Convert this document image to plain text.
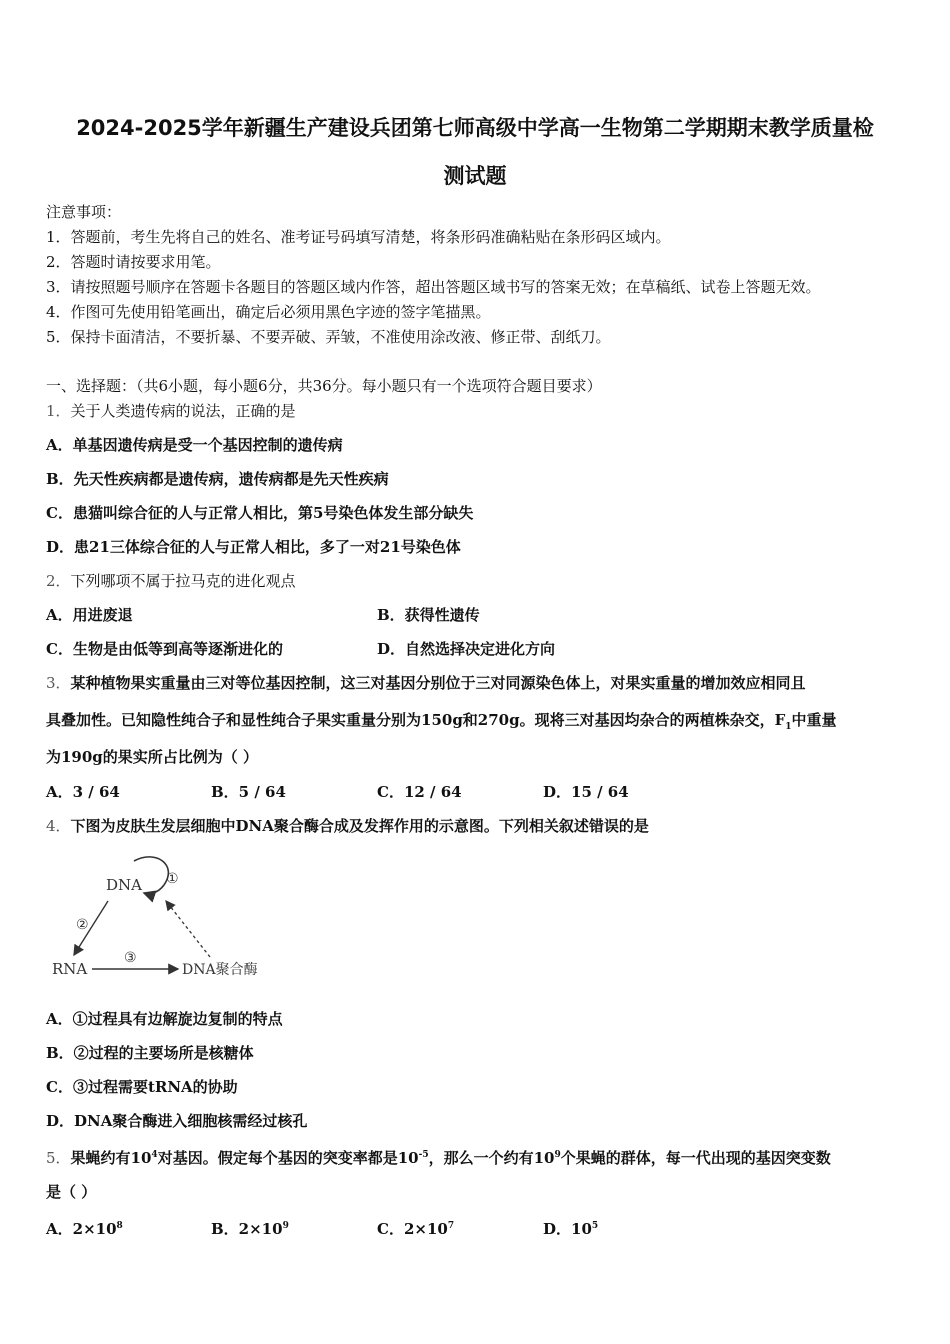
2024-2025学年新疆生产建设兵团第七师高级中学高一生物第二学期期末教学质量检
测试题
注意事项：
1．答题前，考生先将自己的姓名、准考证号码填写清楚，将条形码准确粘贴在条形码区域内。
2．答题时请按要求用笔。
3．请按照题号顺序在答题卡各题目的答题区域内作答，超出答题区域书写的答案无效；在草稿纸、试卷上答题无效。
4．作图可先使用铅笔画出，确定后必须用黑色字迹的签字笔描黑。
5．保持卡面清洁，不要折暴、不要弄破、弄皱，不准使用涂改液、修正带、刮纸刀。
一、选择题：（共6小题，每小题6分，共36分。每小题只有一个选项符合题目要求）
1．关于人类遗传病的说法，正确的是
A．单基因遗传病是受一个基因控制的遗传病
B．先天性疾病都是遗传病，遗传病都是先天性疾病
C．患猫叫综合征的人与正常人相比，第5号染色体发生部分缺失
D．患21三体综合征的人与正常人相比，多了一对21号染色体
2．下列哪项不属于拉马克的进化观点
A．用进废退	B．获得性遗传
C．生物是由低等到高等逐渐进化的	D．自然选择决定进化方向
3．某种植物果实重量由三对等位基因控制，这三对基因分别位于三对同源染色体上，对果实重量的增加效应相同且
具叠加性。已知隐性纯合子和显性纯合子果实重量分别为150g和270g。现将三对基因均杂合的两植株杂交，$F_1$中重量
为190g的果实所占比例为（ ）
A．3 / 64	B．5 / 64	C．12 / 64	D．15 / 64
4．下图为皮肤生发层细胞中DNA聚合酶合成及发挥作用的示意图。下列相关叙述错误的是
DNA ①
②
RNA
③
DNA聚合酶
A．①过程具有边解旋边复制的特点
B．②过程的主要场所是核糖体
C．③过程需要tRNA的协助
D．DNA聚合酶进入细胞核需经过核孔
5．果蝇约有$10^4$对基因。假定每个基因的突变率都是$10^{-5}$，那么一个约有$10^9$个果蝇的群体，每一代出现的基因突变数
是（ ）
A．$2\times 10^8$	B．$2\times 10^9$	C．$2\times 10^7$	D．$10^5$
